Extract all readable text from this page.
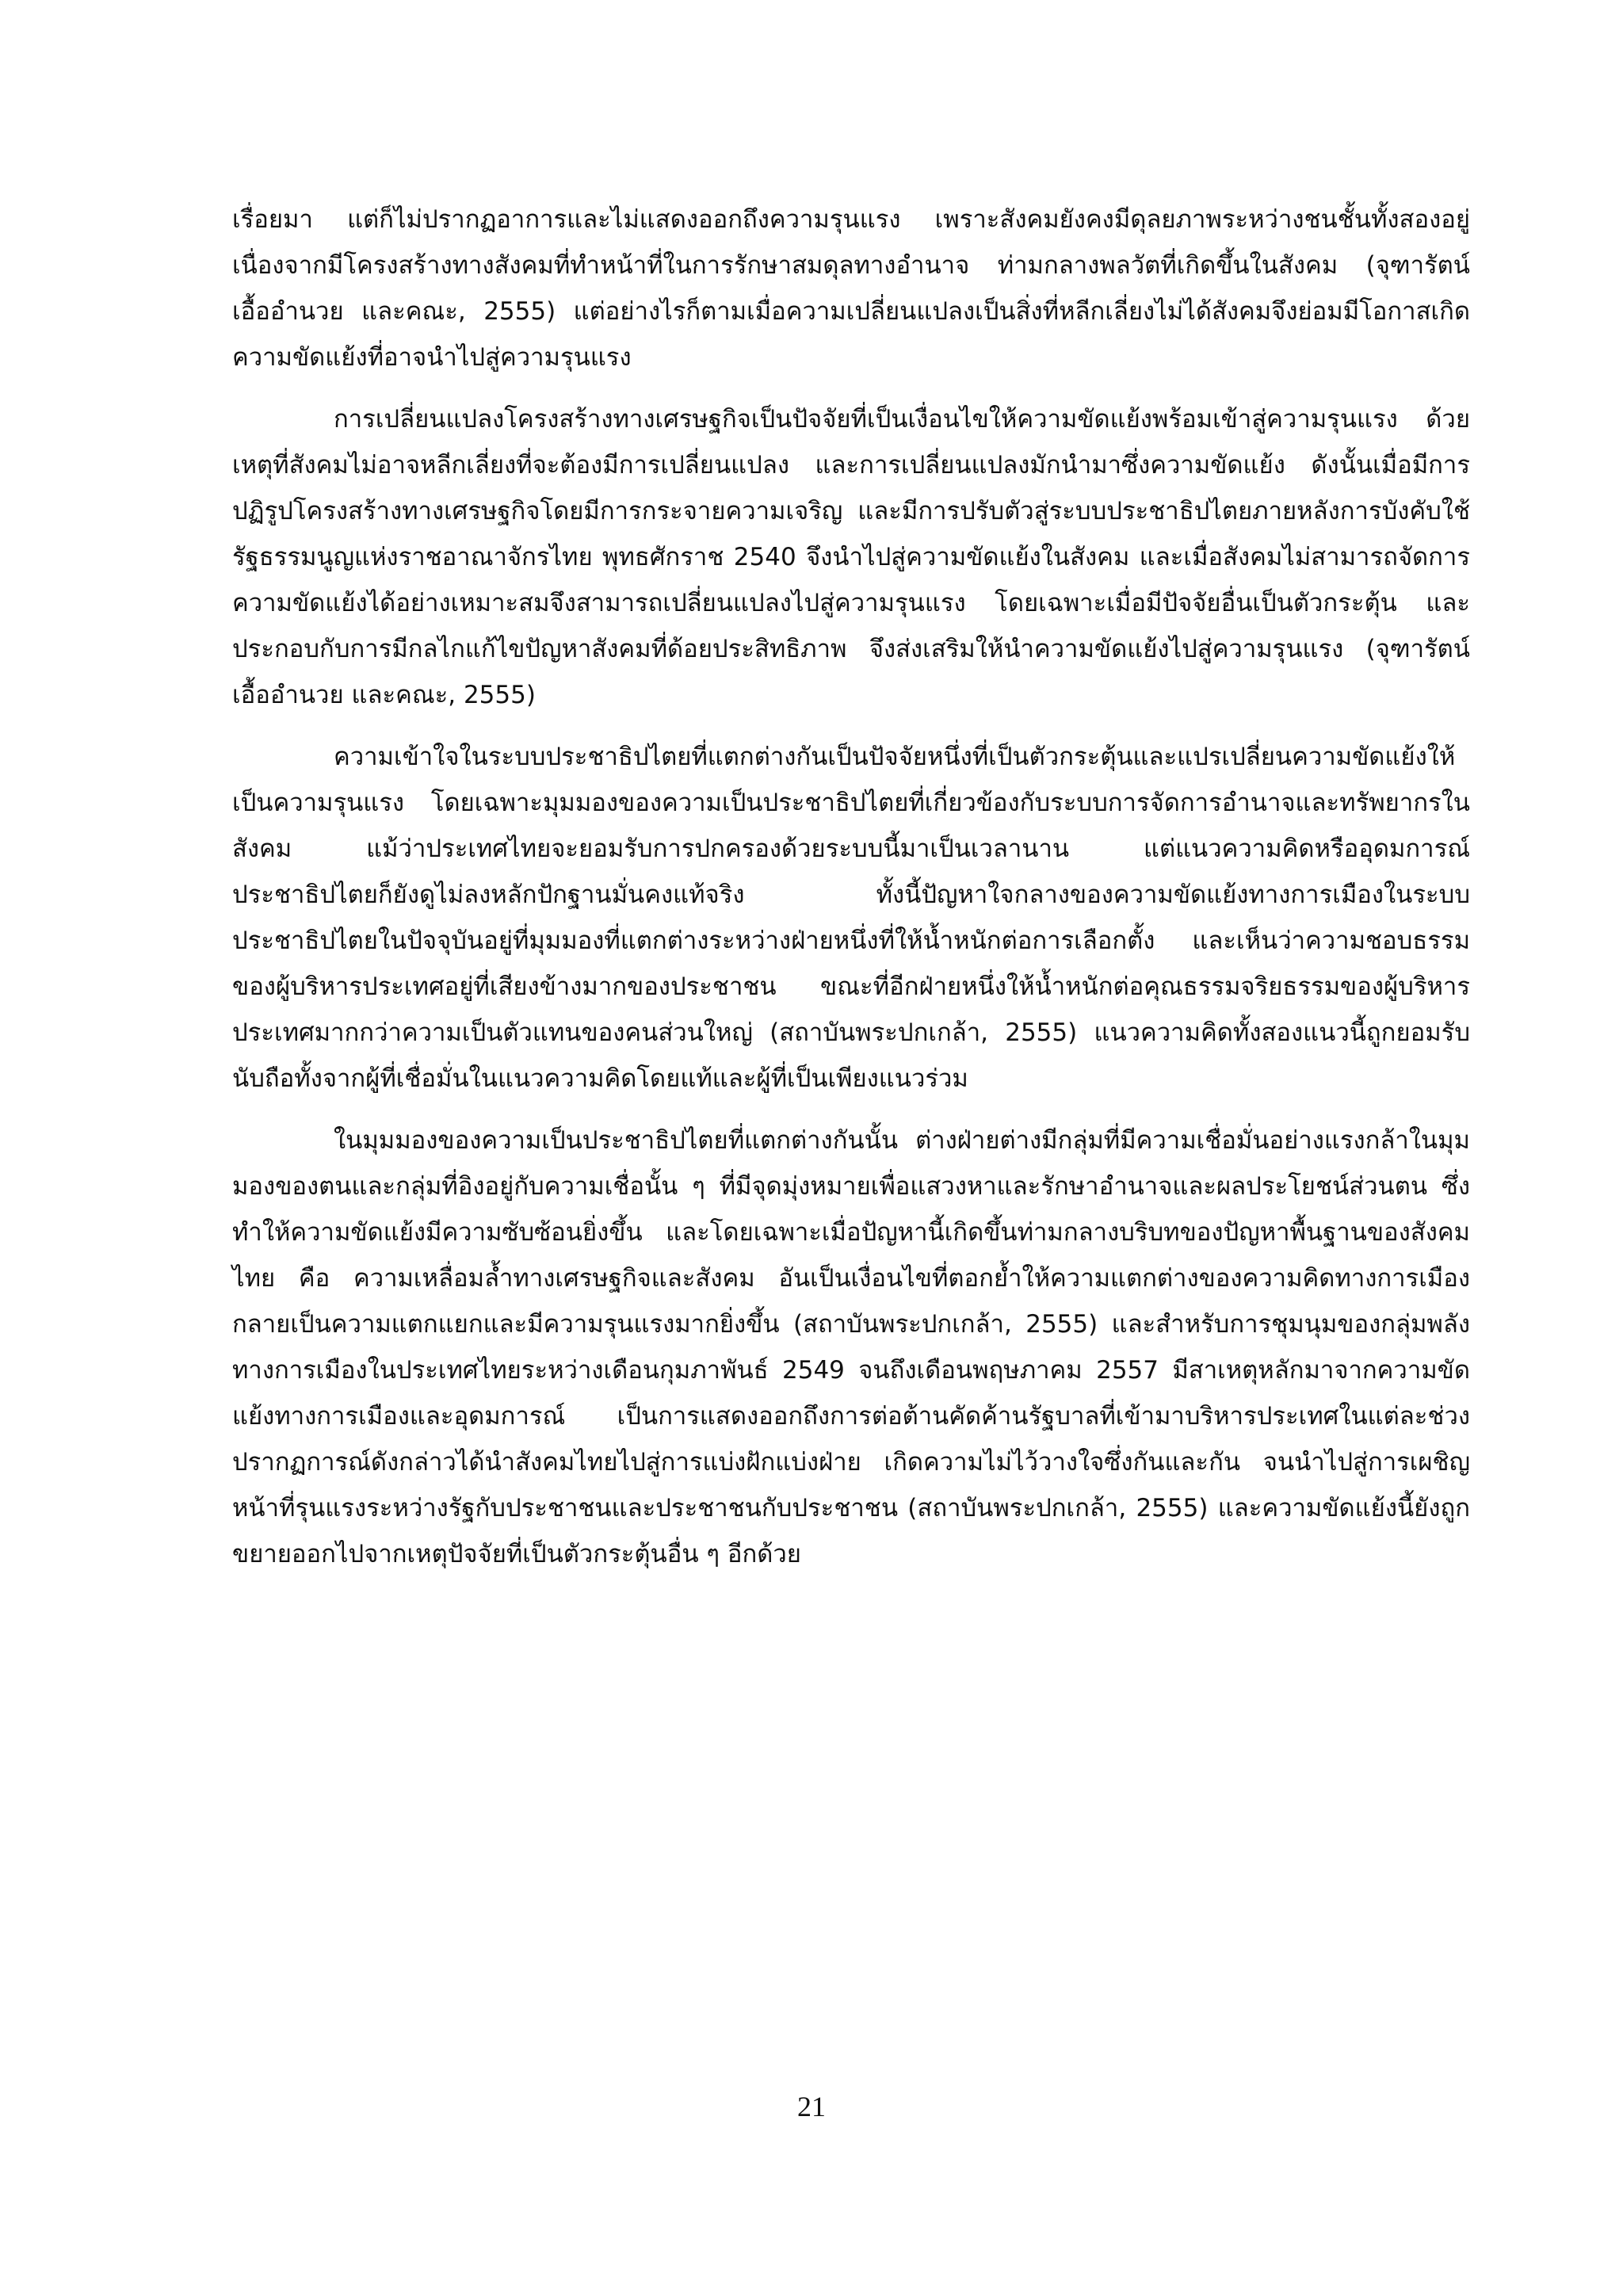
เรื่อยมา แต่ก็ไม่ปรากฏอาการและไม่แสดงออกถึงความรุนแรง เพราะสังคมยังคงมีดุลยภาพระหว่างชนชั้นทั้งสองอยู่ เนื่องจากมีโครงสร้างทางสังคมที่ทำหน้าที่ในการรักษาสมดุลทางอำนาจ ท่ามกลางพลวัตที่เกิดขึ้นในสังคม (จุฑารัตน์ เอื้ออำนวย และคณะ, 2555) แต่อย่างไรก็ตามเมื่อความเปลี่ยนแปลงเป็นสิ่งที่หลีกเลี่ยงไม่ได้สังคมจึงย่อมมีโอกาสเกิดความขัดแย้งที่อาจนำไปสู่ความรุนแรง

การเปลี่ยนแปลงโครงสร้างทางเศรษฐกิจเป็นปัจจัยที่เป็นเงื่อนไขให้ความขัดแย้งพร้อมเข้าสู่ความรุนแรง ด้วยเหตุที่สังคมไม่อาจหลีกเลี่ยงที่จะต้องมีการเปลี่ยนแปลง และการเปลี่ยนแปลงมักนำมาซึ่งความขัดแย้ง ดังนั้นเมื่อมีการปฏิรูปโครงสร้างทางเศรษฐกิจโดยมีการกระจายความเจริญ และมีการปรับตัวสู่ระบบประชาธิปไตยภายหลังการบังคับใช้รัฐธรรมนูญแห่งราชอาณาจักรไทย พุทธศักราช 2540 จึงนำไปสู่ความขัดแย้งในสังคม และเมื่อสังคมไม่สามารถจัดการความขัดแย้งได้อย่างเหมาะสมจึงสามารถเปลี่ยนแปลงไปสู่ความรุนแรง โดยเฉพาะเมื่อมีปัจจัยอื่นเป็นตัวกระตุ้น และประกอบกับการมีกลไกแก้ไขปัญหาสังคมที่ด้อยประสิทธิภาพ จึงส่งเสริมให้นำความขัดแย้งไปสู่ความรุนแรง (จุฑารัตน์ เอื้ออำนวย และคณะ, 2555)

ความเข้าใจในระบบประชาธิปไตยที่แตกต่างกันเป็นปัจจัยหนึ่งที่เป็นตัวกระตุ้นและแปรเปลี่ยนความขัดแย้งให้เป็นความรุนแรง โดยเฉพาะมุมมองของความเป็นประชาธิปไตยที่เกี่ยวข้องกับระบบการจัดการอำนาจและทรัพยากรในสังคม แม้ว่าประเทศไทยจะยอมรับการปกครองด้วยระบบนี้มาเป็นเวลานาน แต่แนวความคิดหรืออุดมการณ์ประชาธิปไตยก็ยังดูไม่ลงหลักปักฐานมั่นคงแท้จริง ทั้งนี้ปัญหาใจกลางของความขัดแย้งทางการเมืองในระบบประชาธิปไตยในปัจจุบันอยู่ที่มุมมองที่แตกต่างระหว่างฝ่ายหนึ่งที่ให้น้ำหนักต่อการเลือกตั้ง และเห็นว่าความชอบธรรมของผู้บริหารประเทศอยู่ที่เสียงข้างมากของประชาชน ขณะที่อีกฝ่ายหนึ่งให้น้ำหนักต่อคุณธรรมจริยธรรมของผู้บริหารประเทศมากกว่าความเป็นตัวแทนของคนส่วนใหญ่ (สถาบันพระปกเกล้า, 2555) แนวความคิดทั้งสองแนวนี้ถูกยอมรับนับถือทั้งจากผู้ที่เชื่อมั่นในแนวความคิดโดยแท้และผู้ที่เป็นเพียงแนวร่วม

ในมุมมองของความเป็นประชาธิปไตยที่แตกต่างกันนั้น ต่างฝ่ายต่างมีกลุ่มที่มีความเชื่อมั่นอย่างแรงกล้าในมุมมองของตนและกลุ่มที่อิงอยู่กับความเชื่อนั้น ๆ ที่มีจุดมุ่งหมายเพื่อแสวงหาและรักษาอำนาจและผลประโยชน์ส่วนตน ซึ่งทำให้ความขัดแย้งมีความซับซ้อนยิ่งขึ้น และโดยเฉพาะเมื่อปัญหานี้เกิดขึ้นท่ามกลางบริบทของปัญหาพื้นฐานของสังคมไทย คือ ความเหลื่อมล้ำทางเศรษฐกิจและสังคม อันเป็นเงื่อนไขที่ตอกย้ำให้ความแตกต่างของความคิดทางการเมืองกลายเป็นความแตกแยกและมีความรุนแรงมากยิ่งขึ้น (สถาบันพระปกเกล้า, 2555) และสำหรับการชุมนุมของกลุ่มพลังทางการเมืองในประเทศไทยระหว่างเดือนกุมภาพันธ์ 2549 จนถึงเดือนพฤษภาคม 2557 มีสาเหตุหลักมาจากความขัดแย้งทางการเมืองและอุดมการณ์ เป็นการแสดงออกถึงการต่อต้านคัดค้านรัฐบาลที่เข้ามาบริหารประเทศในแต่ละช่วง ปรากฏการณ์ดังกล่าวได้นำสังคมไทยไปสู่การแบ่งฝักแบ่งฝ่าย เกิดความไม่ไว้วางใจซึ่งกันและกัน จนนำไปสู่การเผชิญหน้าที่รุนแรงระหว่างรัฐกับประชาชนและประชาชนกับประชาชน (สถาบันพระปกเกล้า, 2555) และความขัดแย้งนี้ยังถูกขยายออกไปจากเหตุปัจจัยที่เป็นตัวกระตุ้นอื่น ๆ อีกด้วย

21
